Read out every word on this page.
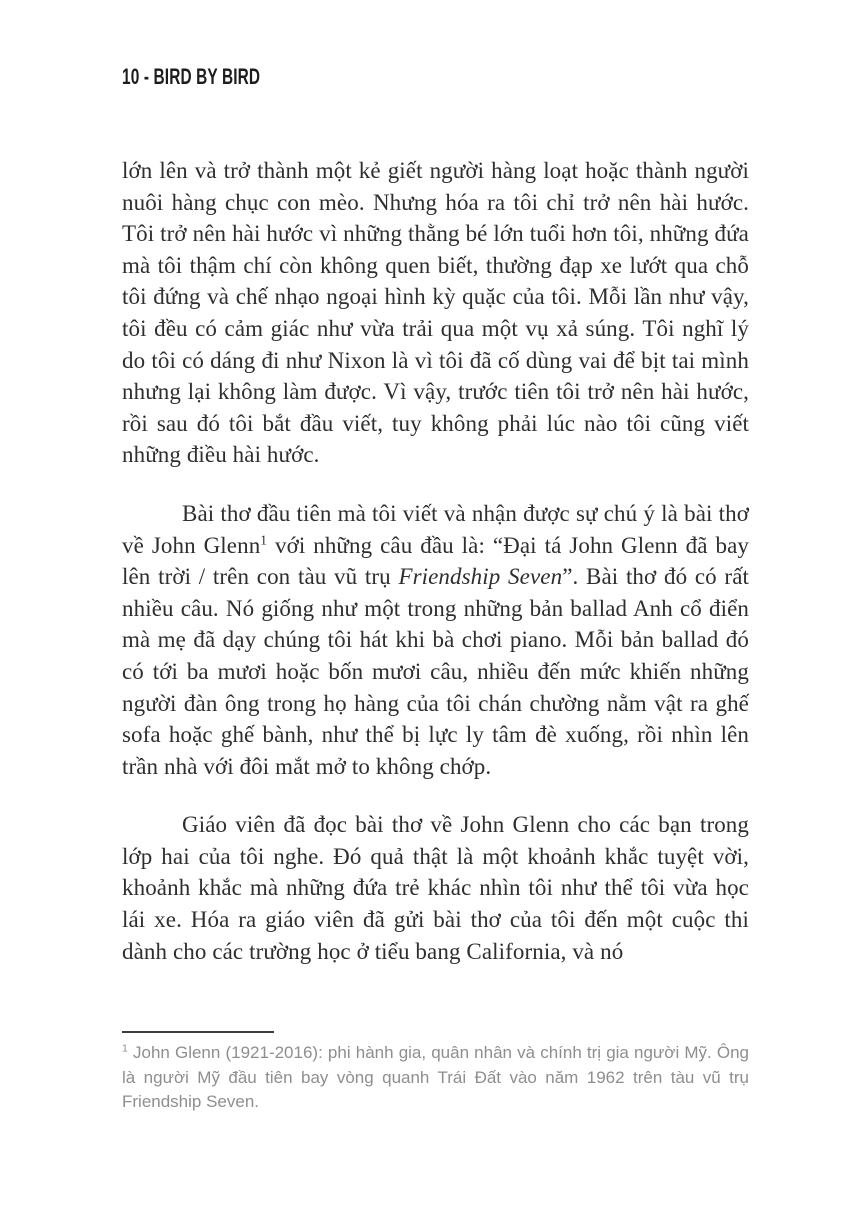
10 - BIRD BY BIRD

lớn lên và trở thành một kẻ giết người hàng loạt hoặc thành người nuôi hàng chục con mèo. Nhưng hóa ra tôi chỉ trở nên hài hước. Tôi trở nên hài hước vì những thằng bé lớn tuổi hơn tôi, những đứa mà tôi thậm chí còn không quen biết, thường đạp xe lướt qua chỗ tôi đứng và chế nhạo ngoại hình kỳ quặc của tôi. Mỗi lần như vậy, tôi đều có cảm giác như vừa trải qua một vụ xả súng. Tôi nghĩ lý do tôi có dáng đi như Nixon là vì tôi đã cố dùng vai để bịt tai mình nhưng lại không làm được. Vì vậy, trước tiên tôi trở nên hài hước, rồi sau đó tôi bắt đầu viết, tuy không phải lúc nào tôi cũng viết những điều hài hước.

Bài thơ đầu tiên mà tôi viết và nhận được sự chú ý là bài thơ về John Glenn$^1$ với những câu đầu là: “Đại tá John Glenn đã bay lên trời / trên con tàu vũ trụ Friendship Seven”. Bài thơ đó có rất nhiều câu. Nó giống như một trong những bản ballad Anh cổ điển mà mẹ đã dạy chúng tôi hát khi bà chơi piano. Mỗi bản ballad đó có tới ba mươi hoặc bốn mươi câu, nhiều đến mức khiến những người đàn ông trong họ hàng của tôi chán chường nằm vật ra ghế sofa hoặc ghế bành, như thể bị lực ly tâm đè xuống, rồi nhìn lên trần nhà với đôi mắt mở to không chớp.

Giáo viên đã đọc bài thơ về John Glenn cho các bạn trong lớp hai của tôi nghe. Đó quả thật là một khoảnh khắc tuyệt vời, khoảnh khắc mà những đứa trẻ khác nhìn tôi như thể tôi vừa học lái xe. Hóa ra giáo viên đã gửi bài thơ của tôi đến một cuộc thi dành cho các trường học ở tiểu bang California, và nó

$^1$ John Glenn (1921-2016): phi hành gia, quân nhân và chính trị gia người Mỹ. Ông là người Mỹ đầu tiên bay vòng quanh Trái Đất vào năm 1962 trên tàu vũ trụ Friendship Seven.
